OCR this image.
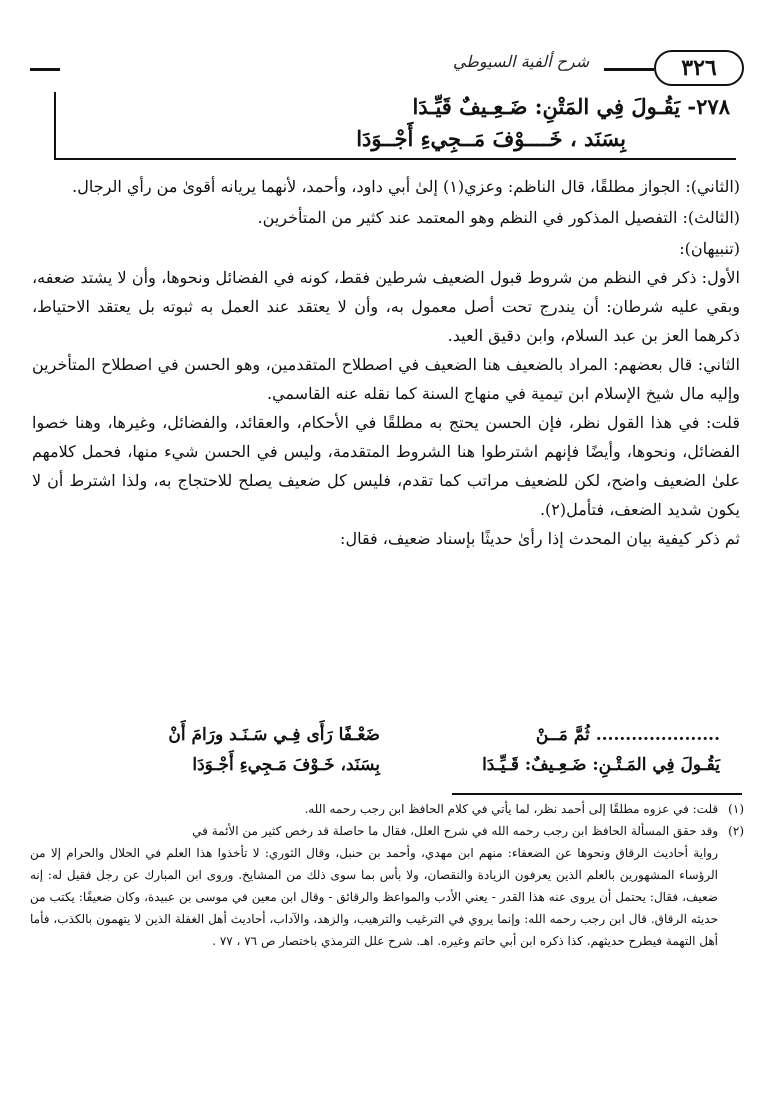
٣٢٦
شرح ألفية السيوطي
٢٧٨- يَقُـولَ فِي المَتْنِ: ضَـعِـيفٌ قَيِّـدَا
بِسَنَد ، خَــــوْفَ مَــجِيءِ أَجْــوَدَا

(الثاني): الجواز مطلقًا، قال الناظم: وعزي(١) إلىٰ أبي داود، وأحمد، لأنهما يريانه أقوىٰ من رأي الرجال.

(الثالث): التفصيل المذكور في النظم وهو المعتمد عند كثير من المتأخرين.

(تنبيهان):

الأول: ذكر في النظم من شروط قبول الضعيف شرطين فقط، كونه في الفضائل ونحوها، وأن لا يشتد ضعفه، وبقي عليه شرطان: أن يندرج تحت أصل معمول به، وأن لا يعتقد عند العمل به ثبوته بل يعتقد الاحتياط، ذكرهما العز بن عبد السلام، وابن دقيق العيد.

الثاني: قال بعضهم: المراد بالضعيف هنا الضعيف في اصطلاح المتقدمين، وهو الحسن في اصطلاح المتأخرين وإليه مال شيخ الإسلام ابن تيمية في منهاج السنة كما نقله عنه القاسمي.

قلت: في هذا القول نظر، فإن الحسن يحتج به مطلقًا في الأحكام، والعقائد، والفضائل، وغيرها، وهنا خصوا الفضائل، ونحوها، وأيضًا فإنهم اشترطوا هنا الشروط المتقدمة، وليس في الحسن شيء منها، فحمل كلامهم علىٰ الضعيف واضح، لكن للضعيف مراتب كما تقدم، فليس كل ضعيف يصلح للاحتجاج به، ولذا اشترط أن لا يكون شديد الضعف، فتأمل(٢).

ثم ذكر كيفية بيان المحدث إذا رأىٰ حديثًا بإسناد ضعيف، فقال:

..................... ثُمَّ مَــنْ
ضَعْـفًا رَأَى فِـي سَـنَـد ورَامَ أَنْ
يَقُـولَ فِي المَـتْـنِ: ضَـعِـيفٌ: قَـيِّـدَا
بِسَنَد، خَـوْفَ مَـجِيءِ أَجْـوَدَا

(١) قلت: في عزوه مطلقًا إلى أحمد نظر، لما يأتي في كلام الحافظ ابن رجب رحمه الله.

(٢) وقد حقق المسألة الحافظ ابن رجب رحمه الله في شرح العلل، فقال ما حاصلة قد رخص كثير من الأئمة في

رواية أحاديث الرقاق ونحوها عن الضعفاء: منهم ابن مهدي، وأحمد بن حنبل، وقال الثوري: لا تأخذوا هذا العلم في الحلال والحرام إلا من الرؤساء المشهورين بالعلم الذين يعرفون الزيادة والنقصان، ولا بأس بما سوى ذلك من المشايخ. وروى ابن المبارك عن رجل فقيل له: إنه ضعيف، فقال: يحتمل أن يروى عنه هذا القدر - يعني الأدب والمواعظ والرقائق - وقال ابن معين في موسى بن عبيدة، وكان ضعيفًا: يكتب من حديثه الرقاق. قال ابن رجب رحمه الله: وإنما يروي في الترغيب والترهيب، والزهد، والآداب، أحاديث أهل الغفلة الذين لا يتهمون بالكذب، فأما أهل التهمة فيطرح حديثهم. كذا ذكره ابن أبي حاتم وغيره. اهـ. شرح علل الترمذي باختصار ص ٧٦ ، ٧٧ .
